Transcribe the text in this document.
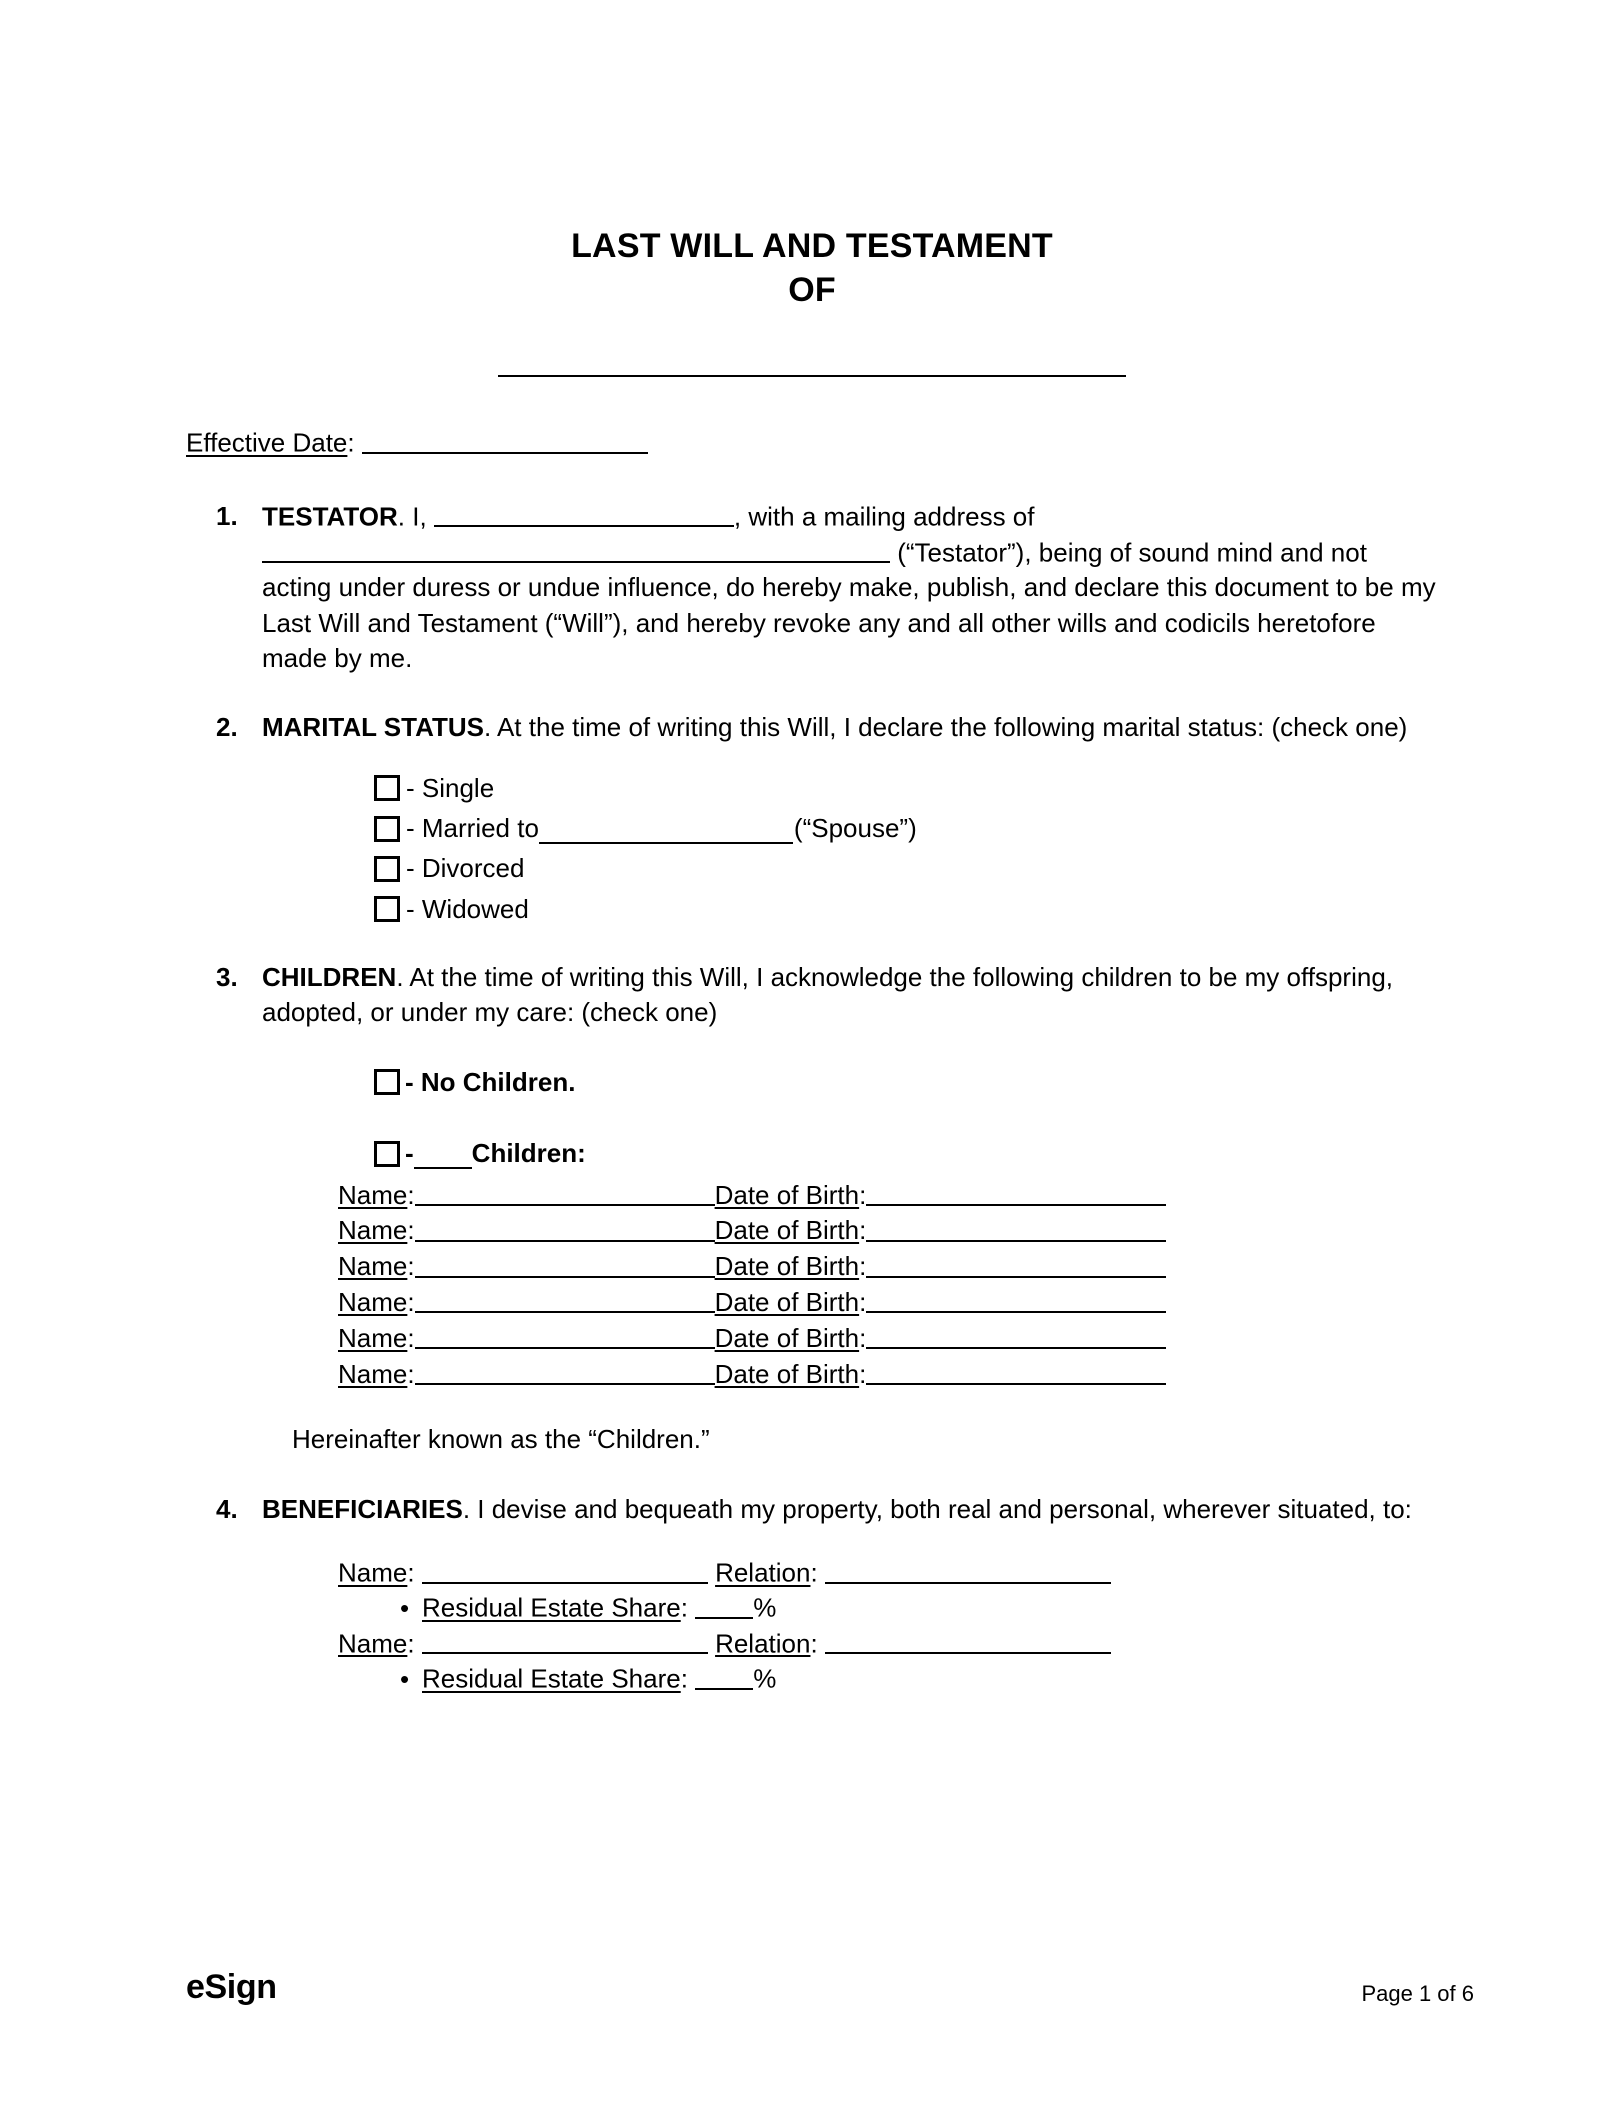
LAST WILL AND TESTAMENT
OF
Effective Date:
TESTATOR. I,	, with a mailing address of  (“Testator”), being of sound mind and not acting under duress or undue influence, do hereby make, publish, and declare this document to be my Last Will and Testament (“Will”), and hereby revoke any and all other wills and codicils heretofore made by me.
MARITAL STATUS. At the time of writing this Will, I declare the following marital status: (check one)
- Single
- Married to	(“Spouse”)
- Divorced
- Widowed
CHILDREN. At the time of writing this Will, I acknowledge the following children to be my offspring, adopted, or under my care: (check one)
- No Children.
- Children:
Name:		Date of Birth:	
Name:		Date of Birth:	
Name:		Date of Birth:	
Name:		Date of Birth:	
Name:		Date of Birth:	
Name:		Date of Birth:	
Hereinafter known as the “Children.”
BENEFICIARIES. I devise and bequeath my property, both real and personal, wherever situated, to:
Name:	Relation:
• Residual Estate Share:	%
Name:	Relation:
• Residual Estate Share:	%
eSign	Page 1 of 6
